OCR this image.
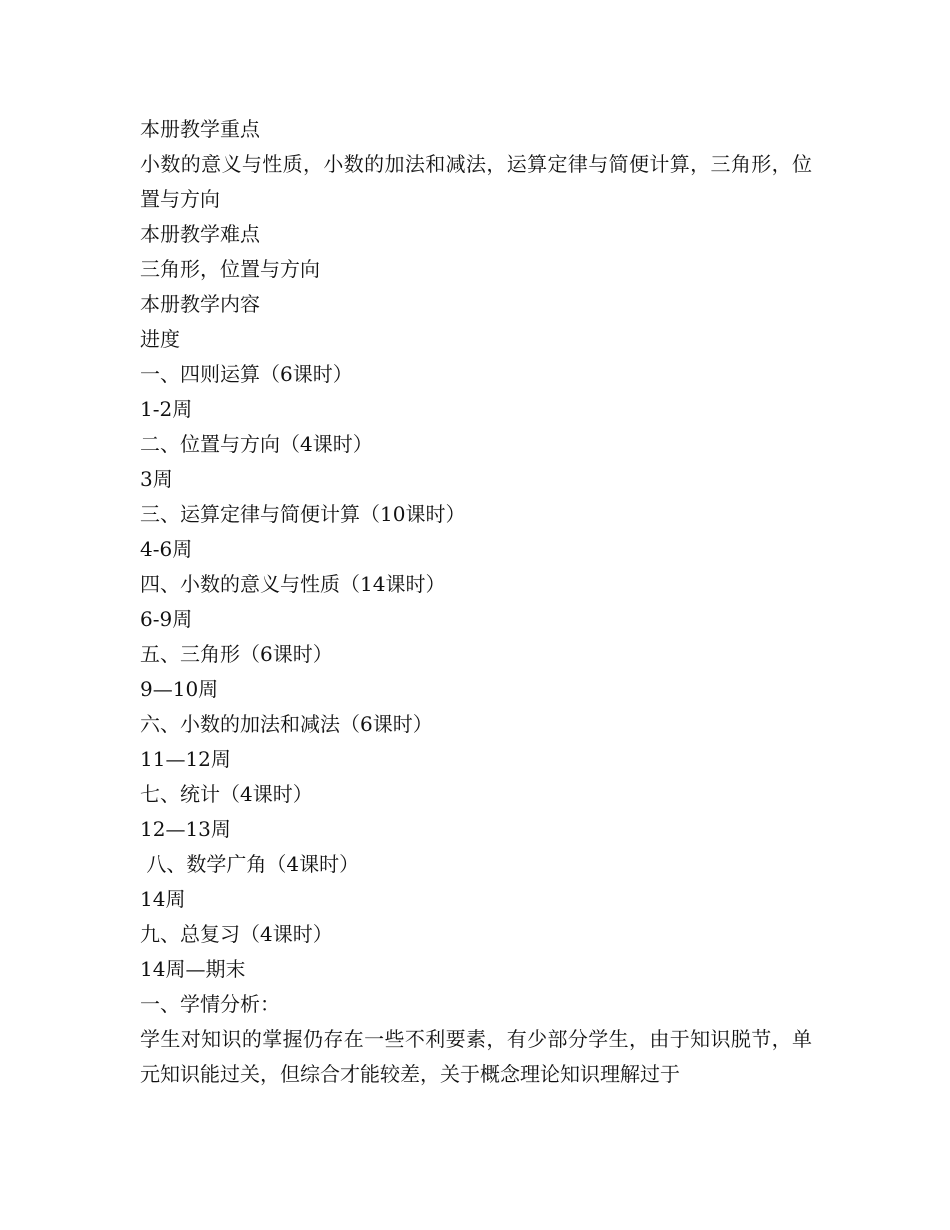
本册教学重点
小数的意义与性质，小数的加法和减法，运算定律与简便计算，三角形，位置与方向
本册教学难点
三角形，位置与方向
本册教学内容
进度
一、四则运算（6课时）
1-2周
二、位置与方向（4课时）
3周
三、运算定律与简便计算（10课时）
4-6周
四、小数的意义与性质（14课时）
6-9周
五、三角形（6课时）
9—10周
六、小数的加法和减法（6课时）
11—12周
七、统计（4课时）
12—13周
八、数学广角（4课时）
14周
九、总复习（4课时）
14周—期末
一、学情分析：
学生对知识的掌握仍存在一些不利要素，有少部分学生，由于知识脱节，单元知识能过关，但综合才能较差，关于概念理论知识理解过于
